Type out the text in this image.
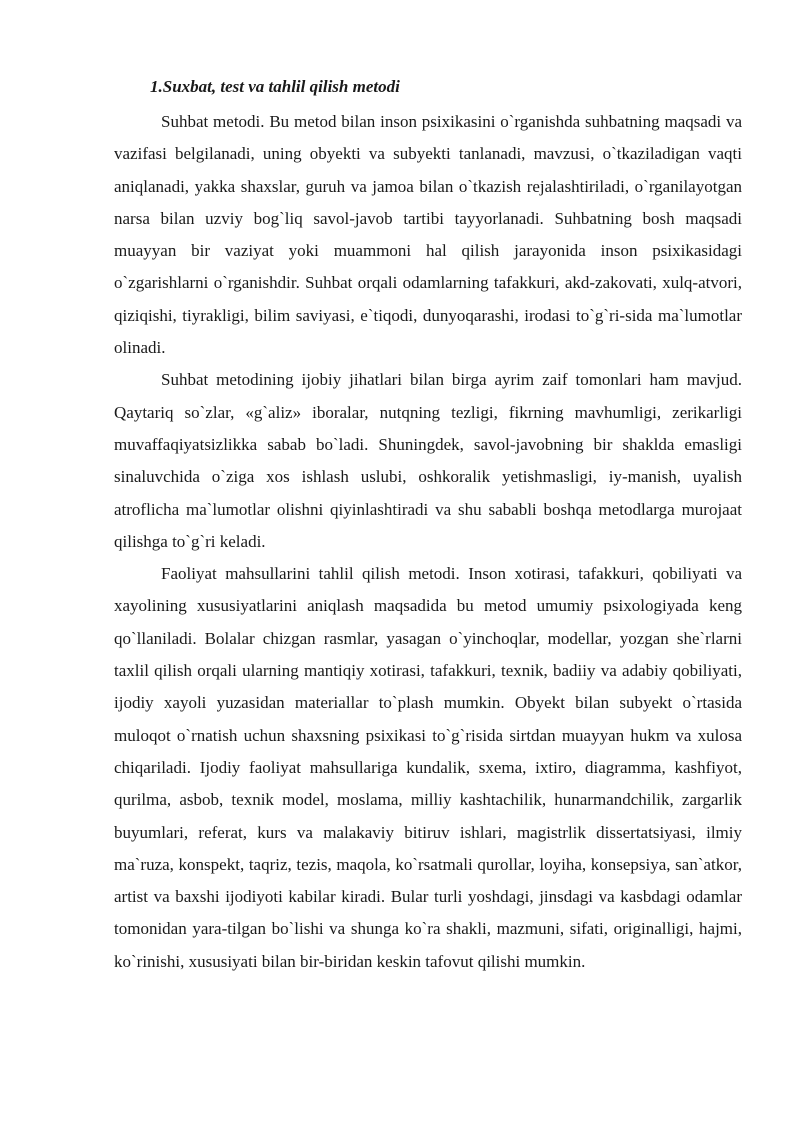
1.Suxbat, test va tahlil qilish metodi

Suhbat metodi. Bu metod bilan inson psixikasini o`rganishda suhbatning maqsadi va vazifasi belgilanadi, uning obyekti va subyekti tanlanadi, mavzusi, o`tkaziladigan vaqti aniqlanadi, yakka shaxslar, guruh va jamoa bilan o`tkazish rejalashtiriladi, o`rganilayotgan narsa bilan uzviy bog`liq savol-javob tartibi tayyorlanadi. Suhbatning bosh maqsadi muayyan bir vaziyat yoki muammoni hal qilish jarayonida inson psixikasidagi o`zgarishlarni o`rganishdir. Suhbat orqali odamlarning tafakkuri, akd-zakovati, xulq-atvori, qiziqishi, tiyrakligi, bilim saviyasi, e`tiqodi, dunyoqarashi, irodasi to`g`ri-sida ma`lumotlar olinadi.

Suhbat metodining ijobiy jihatlari bilan birga ayrim zaif tomonlari ham mavjud. Qaytariq so`zlar, «g`aliz» iboralar, nutqning tezligi, fikrning mavhumligi, zerikarligi muvaffaqiyatsizlikka sabab bo`ladi. Shuningdek, savol-javobning bir shaklda emasligi sinaluvchida o`ziga xos ishlash uslubi, oshkoralik yetishmasligi, iy-manish, uyalish atroflicha ma`lumotlar olishni qiyinlashtiradi va shu sababli boshqa metodlarga murojaat qilishga to`g`ri keladi.

Faoliyat mahsullarini tahlil qilish metodi. Inson xotirasi, tafakkuri, qobiliyati va xayolining xususiyatlarini aniqlash maqsadida bu metod umumiy psixologiyada keng qo`llaniladi. Bolalar chizgan rasmlar, yasagan o`yinchoqlar, modellar, yozgan she`rlarni taxlil qilish orqali ularning mantiqiy xotirasi, tafakkuri, texnik, badiiy va adabiy qobiliyati, ijodiy xayoli yuzasidan materiallar to`plash mumkin. Obyekt bilan subyekt o`rtasida muloqot o`rnatish uchun shaxsning psixikasi to`g`risida sirtdan muayyan hukm va xulosa chiqariladi. Ijodiy faoliyat mahsullariga kundalik, sxema, ixtiro, diagramma, kashfiyot, qurilma, asbob, texnik model, moslama, milliy kashtachilik, hunarmandchilik, zargarlik buyumlari, referat, kurs va malakaviy bitiruv ishlari, magistrlik dissertatsiyasi, ilmiy ma`ruza, konspekt, taqriz, tezis, maqola, ko`rsatmali qurollar, loyiha, konsepsiya, san`atkor, artist va baxshi ijodiyoti kabilar kiradi. Bular turli yoshdagi, jinsdagi va kasbdagi odamlar tomonidan yara-tilgan bo`lishi va shunga ko`ra shakli, mazmuni, sifati, originalligi, hajmi, ko`rinishi, xususiyati bilan bir-biridan keskin tafovut qilishi mumkin.
